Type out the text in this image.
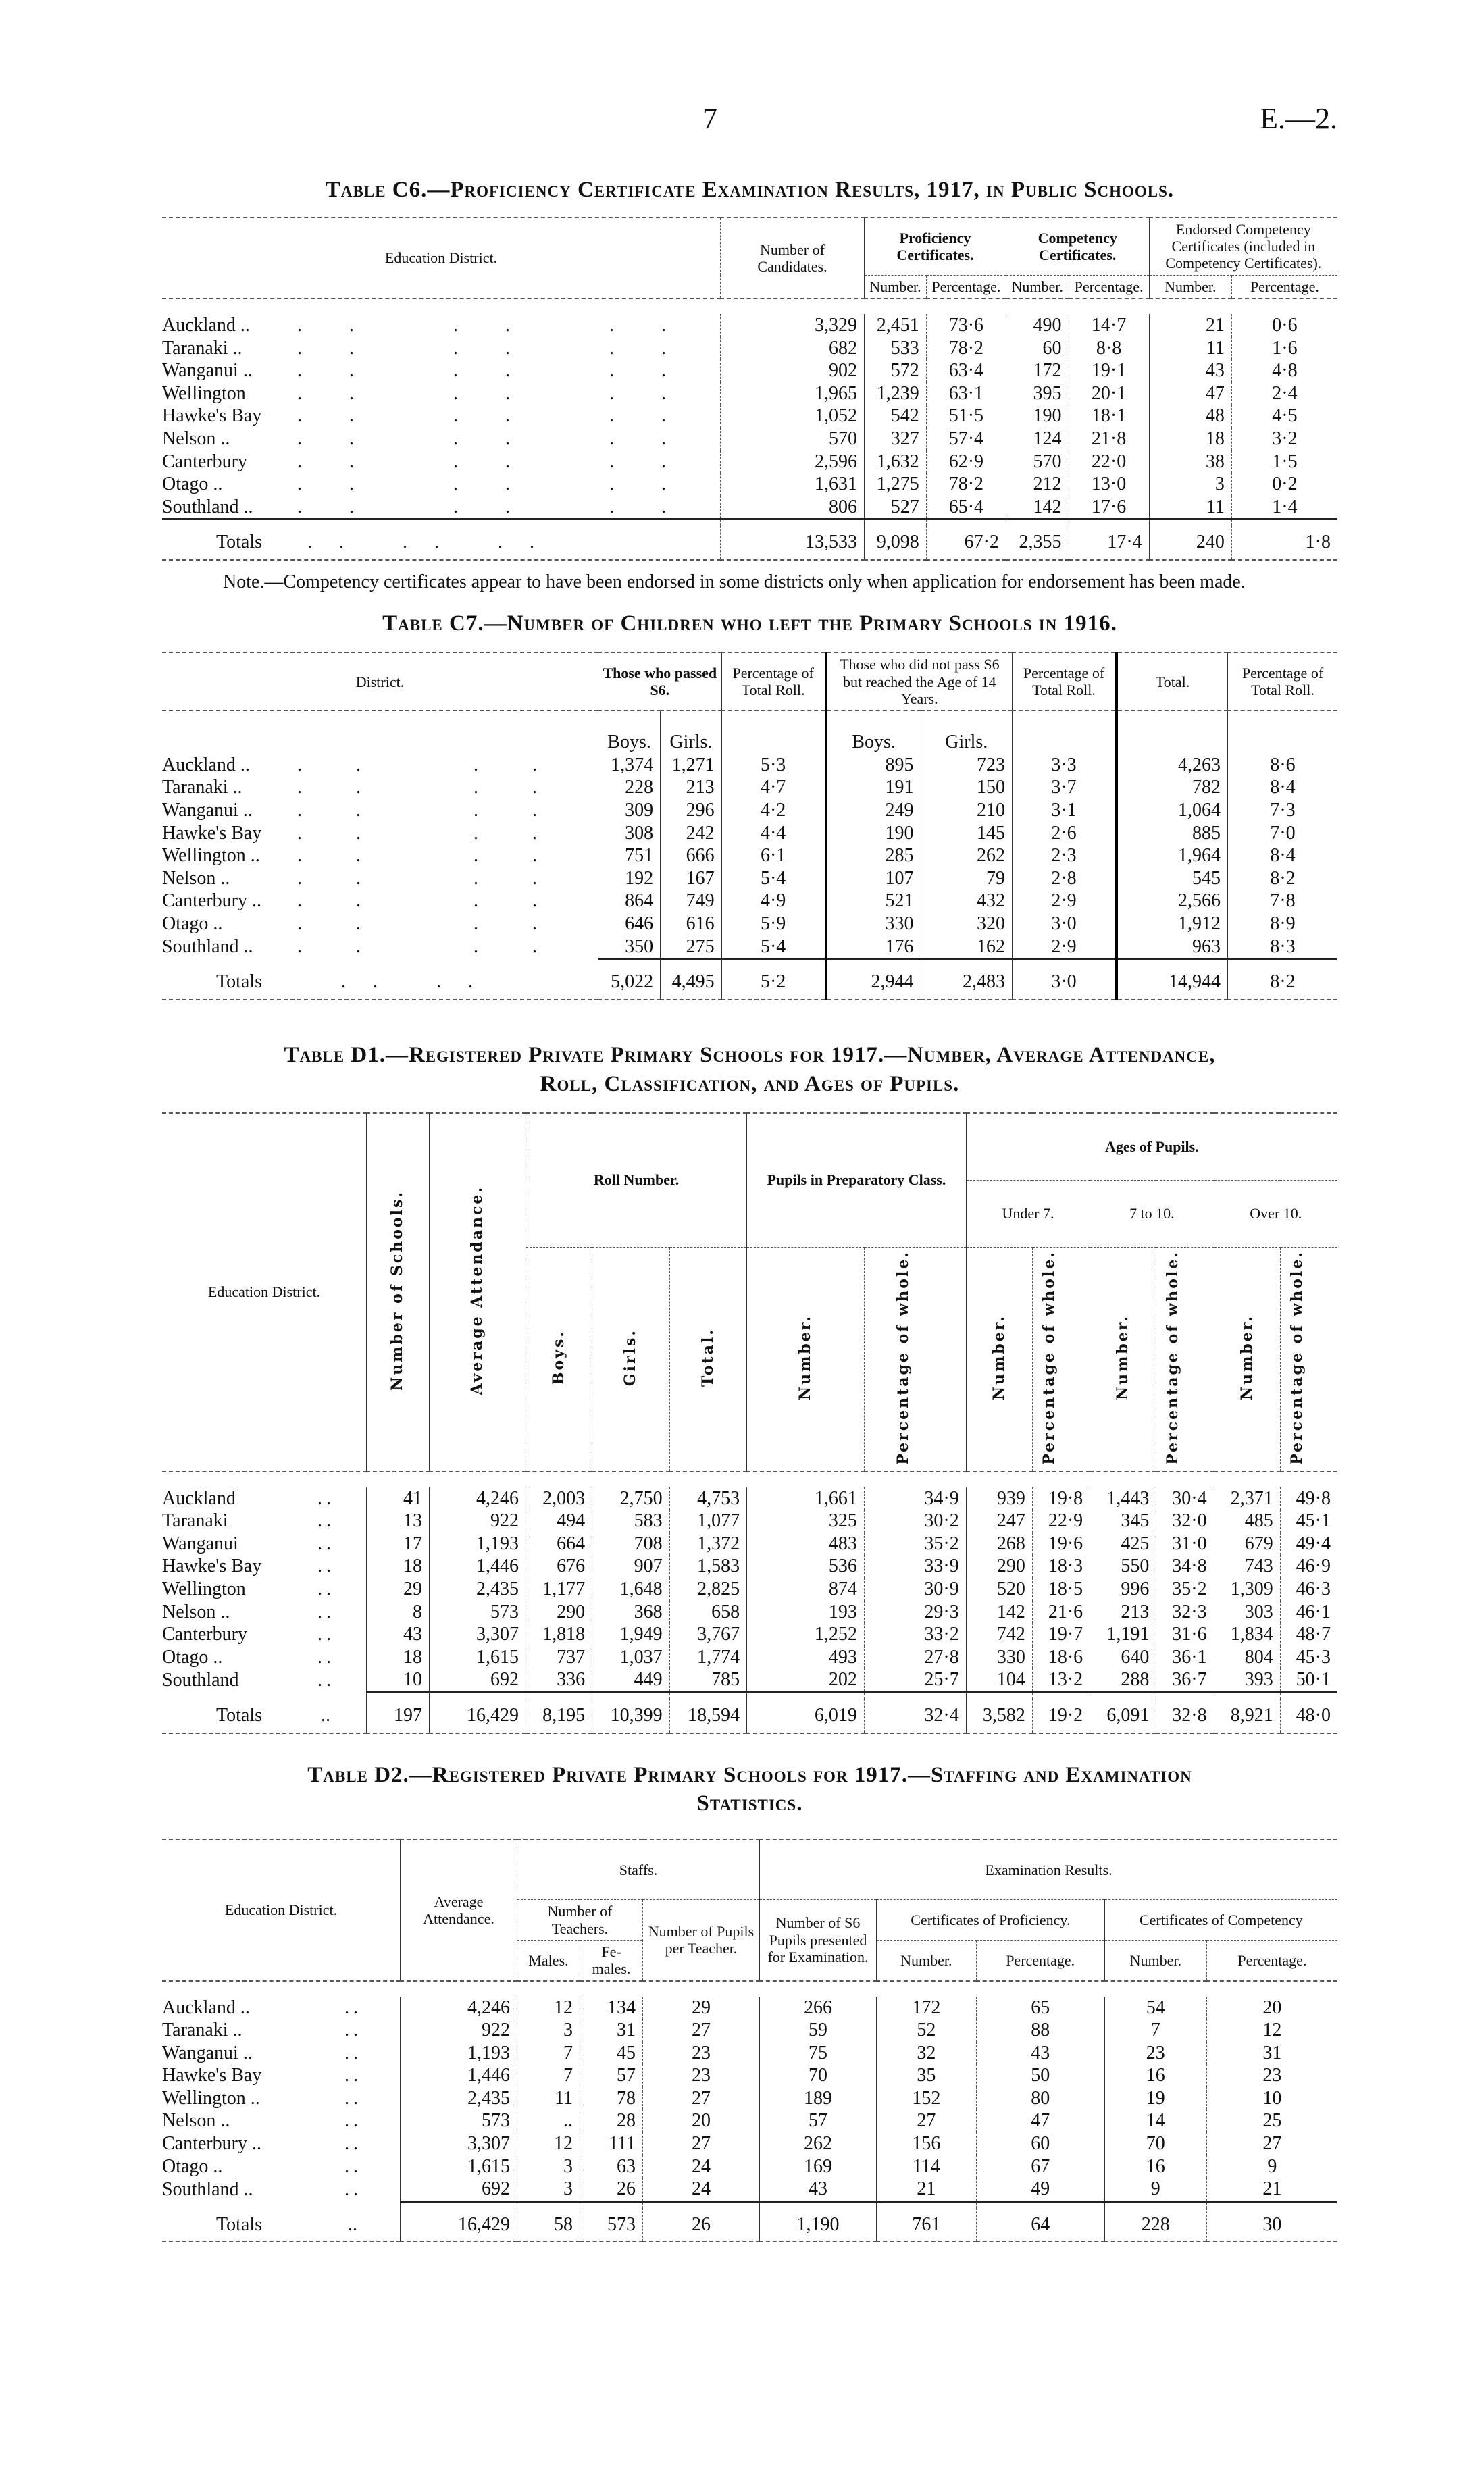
7	E.—2.
Table C6.—Proficiency Certificate Examination Results, 1917, in Public Schools.
Education District.	Number of Candidates.	Proficiency Certificates.		Competency Certificates.		Endorsed Competency Certificates (included in Competency Certificates).	
		Number.	Percentage.	Number.	Percentage.	Number.	Percentage.

Auckland .. .. .. ..	3,329	2,451	73·6	490	14·7	21	0·6
Taranaki .. .. .. ..	682	533	78·2	60	8·8	11	1·6
Wanganui .. .. .. ..	902	572	63·4	172	19·1	43	4·8
Wellington .. .. ..	1,965	1,239	63·1	395	20·1	47	2·4
Hawke's Bay .. .. ..	1,052	542	51·5	190	18·1	48	4·5
Nelson .. .. .. ..	570	327	57·4	124	21·8	18	3·2
Canterbury .. .. ..	2,596	1,632	62·9	570	22·0	38	1·5
Otago .. .. .. ..	1,631	1,275	78·2	212	13·0	3	0·2
Southland .. .. .. ..	806	527	65·4	142	17·6	11	1·4

Totals .. .. ..	13,533	9,098	67·2	2,355	17·4	240	1·8

Note.—Competency certificates appear to have been endorsed in some districts only when application for endorsement has been made.

Table C7.—Number of Children who left the Primary Schools in 1916.
District.	Those who passed S6.		Percentage of Total Roll.	Those who did not pass S6 but reached the Age of 14 Years.		Percentage of Total Roll.	Total.	Percentage of Total Roll.

	Boys.	Girls.		Boys.	Girls.			
Auckland .. .. ..	1,374	1,271	5·3	895	723	3·3	4,263	8·6
Taranaki .. .. ..	228	213	4·7	191	150	3·7	782	8·4
Wanganui .. .. ..	309	296	4·2	249	210	3·1	1,064	7·3
Hawke's Bay .. ..	308	242	4·4	190	145	2·6	885	7·0
Wellington .. .. ..	751	666	6·1	285	262	2·3	1,964	8·4
Nelson .. .. ..	192	167	5·4	107	79	2·8	545	8·2
Canterbury .. .. ..	864	749	4·9	521	432	2·9	2,566	7·8
Otago .. .. ..	646	616	5·9	330	320	3·0	1,912	8·9
Southland .. .. ..	350	275	5·4	176	162	2·9	963	8·3

Totals .. ..	5,022	4,495	5·2	2,944	2,483	3·0	14,944	8·2
Table D1.—Registered Private Primary Schools for 1917.—Number, Average Attendance,
Roll, Classification, and Ages of Pupils.
Education District.	Number of Schools.	Average Attendance.	Roll Number.			Pupils in Preparatory Class.		Ages of Pupils.					
								Under 7.		7 to 10.		Over 10.	
			Boys.	Girls.	Total.	Number.	Percentage of whole.	Number.	Percentage of whole.	Number.	Percentage of whole.	Number.	Percentage of whole.

Auckland ..	41	4,246	2,003	2,750	4,753	1,661	34·9	939	19·8	1,443	30·4	2,371	49·8
Taranaki ..	13	922	494	583	1,077	325	30·2	247	22·9	345	32·0	485	45·1
Wanganui ..	17	1,193	664	708	1,372	483	35·2	268	19·6	425	31·0	679	49·4
Hawke's Bay ..	18	1,446	676	907	1,583	536	33·9	290	18·3	550	34·8	743	46·9
Wellington ..	29	2,435	1,177	1,648	2,825	874	30·9	520	18·5	996	35·2	1,309	46·3
Nelson .. ..	8	573	290	368	658	193	29·3	142	21·6	213	32·3	303	46·1
Canterbury ..	43	3,307	1,818	1,949	3,767	1,252	33·2	742	19·7	1,191	31·6	1,834	48·7
Otago .. ..	18	1,615	737	1,037	1,774	493	27·8	330	18·6	640	36·1	804	45·3
Southland ..	10	692	336	449	785	202	25·7	104	13·2	288	36·7	393	50·1

Totals ..	197	16,429	8,195	10,399	18,594	6,019	32·4	3,582	19·2	6,091	32·8	8,921	48·0
Table D2.—Registered Private Primary Schools for 1917.—Staffing and Examination
Statistics.
Education District.	Average Attendance.	Staffs.			Examination Results.				
		Number of Teachers.		Number of Pupils per Teacher.	Number of S6 Pupils presented for Examination.	Certificates of Proficiency.		Certificates of Competency	
		Males.	Fe-males.			Number.	Percentage.	Number.	Percentage.

Auckland .. ..	4,246	12	134	29	266	172	65	54	20
Taranaki .. ..	922	3	31	27	59	52	88	7	12
Wanganui .. ..	1,193	7	45	23	75	32	43	23	31
Hawke's Bay ..	1,446	7	57	23	70	35	50	16	23
Wellington .. ..	2,435	11	78	27	189	152	80	19	10
Nelson .. ..	573	..	28	20	57	27	47	14	25
Canterbury .. ..	3,307	12	111	27	262	156	60	70	27
Otago .. ..	1,615	3	63	24	169	114	67	16	9
Southland .. ..	692	3	26	24	43	21	49	9	21

Totals ..	16,429	58	573	26	1,190	761	64	228	30
